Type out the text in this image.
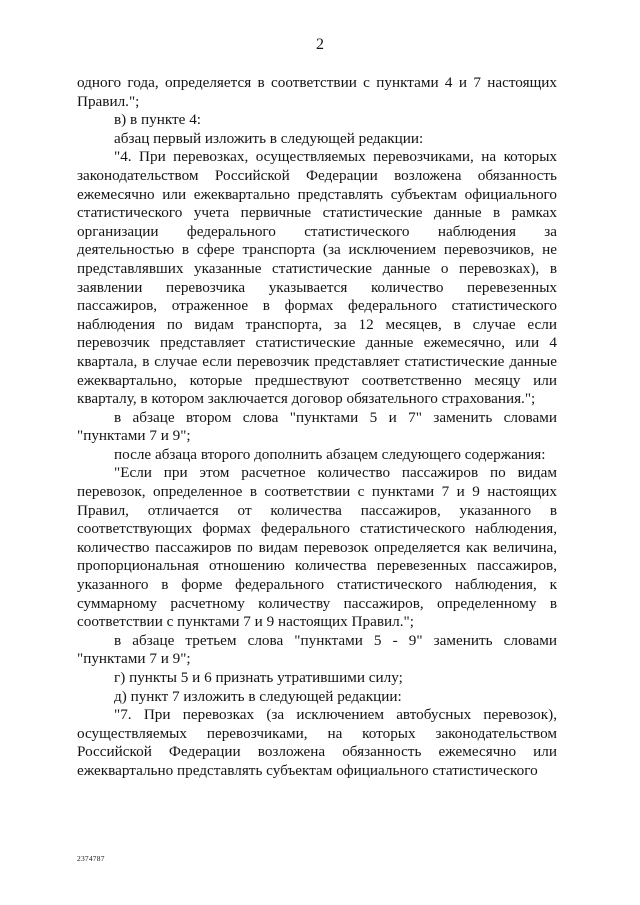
2

одного года, определяется в соответствии с пунктами 4 и 7 настоящих Правил.";

в) в пункте 4:

абзац первый изложить в следующей редакции:

"4. При перевозках, осуществляемых перевозчиками, на которых законодательством Российской Федерации возложена обязанность ежемесячно или ежеквартально представлять субъектам официального статистического учета первичные статистические данные в рамках организации федерального статистического наблюдения за деятельностью в сфере транспорта (за исключением перевозчиков, не представлявших указанные статистические данные о перевозках), в заявлении перевозчика указывается количество перевезенных пассажиров, отраженное в формах федерального статистического наблюдения по видам транспорта, за 12 месяцев, в случае если перевозчик представляет статистические данные ежемесячно, или 4 квартала, в случае если перевозчик представляет статистические данные ежеквартально, которые предшествуют соответственно месяцу или кварталу, в котором заключается договор обязательного страхования.";

в абзаце втором слова "пунктами 5 и 7" заменить словами "пунктами 7 и 9";

после абзаца второго дополнить абзацем следующего содержания:

"Если при этом расчетное количество пассажиров по видам перевозок, определенное в соответствии с пунктами 7 и 9 настоящих Правил, отличается от количества пассажиров, указанного в соответствующих формах федерального статистического наблюдения, количество пассажиров по видам перевозок определяется как величина, пропорциональная отношению количества перевезенных пассажиров, указанного в форме федерального статистического наблюдения, к суммарному расчетному количеству пассажиров, определенному в соответствии с пунктами 7 и 9 настоящих Правил.";

в абзаце третьем слова "пунктами 5 - 9" заменить словами "пунктами 7 и 9";

г) пункты 5 и 6 признать утратившими силу;

д) пункт 7 изложить в следующей редакции:

"7. При перевозках (за исключением автобусных перевозок), осуществляемых перевозчиками, на которых законодательством Российской Федерации возложена обязанность ежемесячно или ежеквартально представлять субъектам официального статистического

2374787
